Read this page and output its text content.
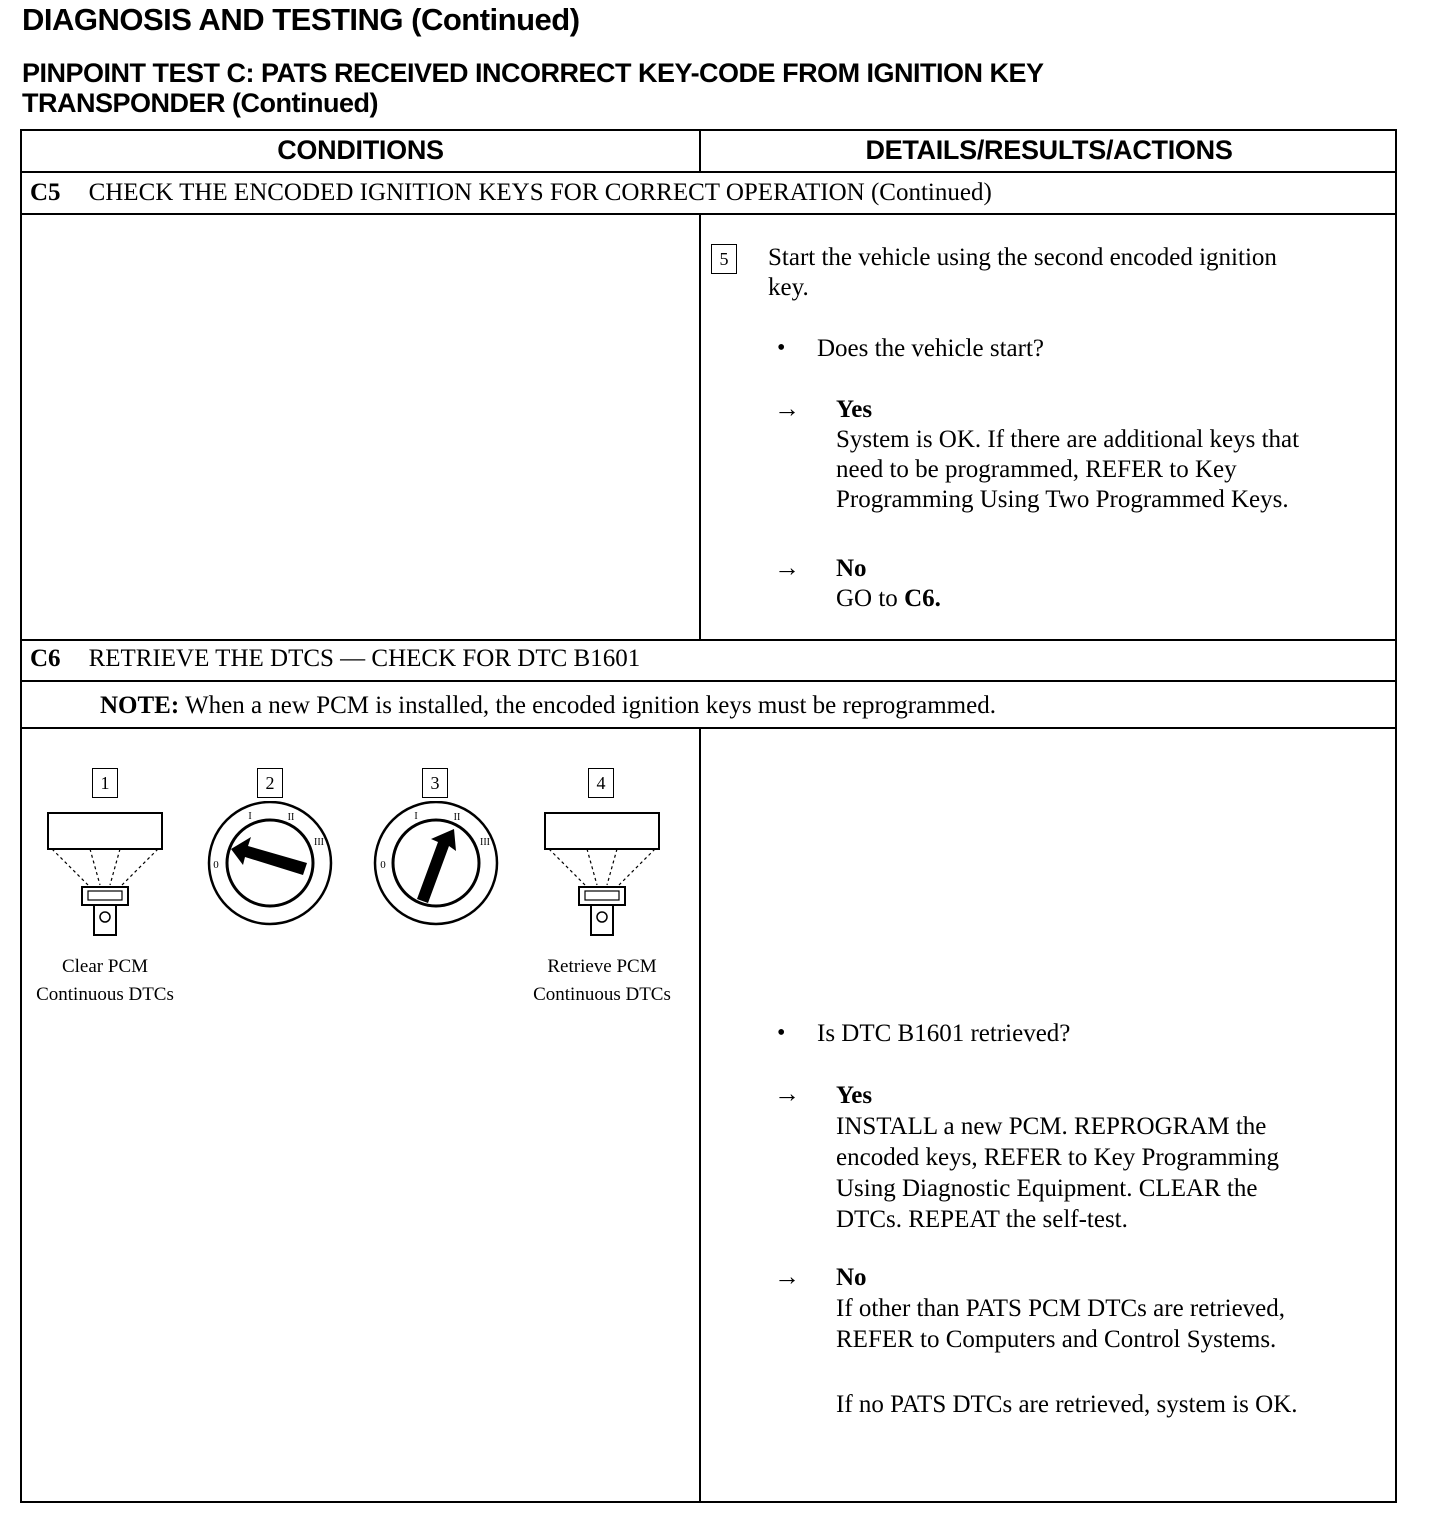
DIAGNOSIS AND TESTING (Continued)
PINPOINT TEST C: PATS RECEIVED INCORRECT KEY-CODE FROM IGNITION KEY
TRANSPONDER (Continued)
CONDITIONS	DETAILS/RESULTS/ACTIONS
C5 CHECK THE ENCODED IGNITION KEYS FOR CORRECT OPERATION (Continued)
5	Start the vehicle using the second encoded ignition
key.
• Does the vehicle start?
→ Yes
System is OK. If there are additional keys that
need to be programmed, REFER to Key
Programming Using Two Programmed Keys.
→ No
GO to C6.
C6 RETRIEVE THE DTCS — CHECK FOR DTC B1601
NOTE: When a new PCM is installed, the encoded ignition keys must be reprogrammed.
1	2	3	4
0
I	II
III
0
I	II
III
Clear PCM
Continuous DTCs
Retrieve PCM
Continuous DTCs
• Is DTC B1601 retrieved?
→ Yes
INSTALL a new PCM. REPROGRAM the
encoded keys, REFER to Key Programming
Using Diagnostic Equipment. CLEAR the
DTCs. REPEAT the self-test.
→ No
If other than PATS PCM DTCs are retrieved,
REFER to Computers and Control Systems.
If no PATS DTCs are retrieved, system is OK.
